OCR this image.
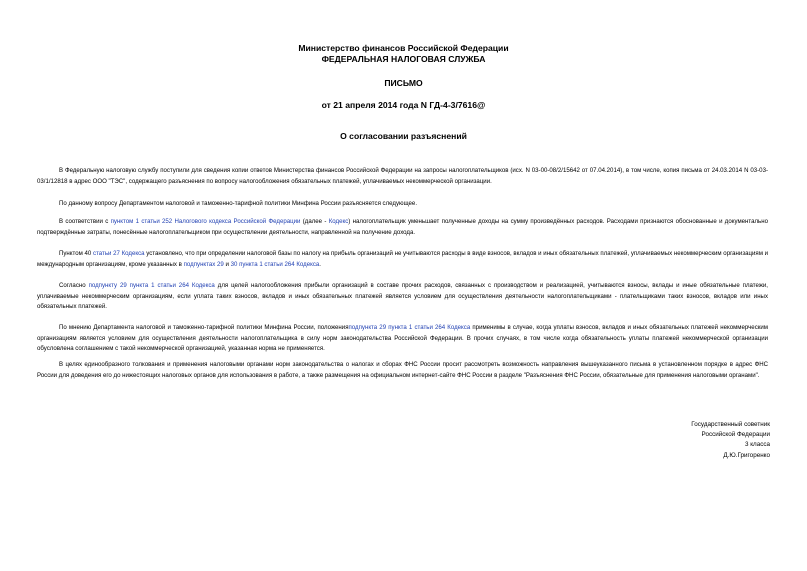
Министерство финансов Российской Федерации
ФЕДЕРАЛЬНАЯ НАЛОГОВАЯ СЛУЖБА
ПИСЬМО
от 21 апреля 2014 года N ГД-4-3/7616@
О согласовании разъяснений

В Федеральную налоговую службу поступили для сведения копии ответов Министерства финансов Российской Федерации на запросы налогоплательщиков (исх. N 03-00-08/2/15642 от 07.04.2014), в том числе, копия письма от 24.03.2014 N 03-03-03/1/12818 в адрес ООО "ТЭС", содержащего разъяснения по вопросу налогообложения обязательных платежей, уплачиваемых некоммерческой организации.

По данному вопросу Департаментом налоговой и таможенно-тарифной политики Минфина России разъясняется следующее.

В соответствии с пунктом 1 статьи 252 Налогового кодекса Российской Федерации (далее - Кодекс) налогоплательщик уменьшает полученные доходы на сумму произведённых расходов. Расходами признаются обоснованные и документально подтверждённые затраты, понесённые налогоплательщиком при осуществлении деятельности, направленной на получение дохода.

Пунктом 40 статьи 27 Кодекса установлено, что при определении налоговой базы по налогу на прибыль организаций не учитываются расходы в виде взносов, вкладов и иных обязательных платежей, уплачиваемых некоммерческим организациям и международным организациям, кроме указанных в подпунктах 29 и 30 пункта 1 статьи 264 Кодекса.

Согласно подпункту 29 пункта 1 статьи 264 Кодекса для целей налогообложения прибыли организаций в составе прочих расходов, связанных с производством и реализацией, учитываются взносы, вклады и иные обязательные платежи, уплачиваемые некоммерческим организациям, если уплата таких взносов, вкладов и иных обязательных платежей является условием для осуществления деятельности налогоплательщиками - плательщиками таких взносов, вкладов или иных обязательных платежей.

По мнению Департамента налоговой и таможенно-тарифной политики Минфина России, положенияподпункта 29 пункта 1 статьи 264 Кодекса применимы в случае, когда уплаты взносов, вкладов и иных обязательных платежей некоммерческим организациям является условием для осуществления деятельности налогоплательщика в силу норм законодательства Российской Федерации. В прочих случаях, в том числе когда обязательность уплаты платежей некоммерческой организации обусловлена соглашением с такой некоммерческой организацией, указанная норма не применяется.

В целях единообразного толкования и применения налоговыми органами норм законодательства о налогах и сборах ФНС России просит рассмотреть возможность направления вышеуказанного письма в установленном порядке в адрес ФНС России для доведения его до нижестоящих налоговых органов для использования в работе, а также размещения на официальном интернет-сайте ФНС России в разделе "Разъяснения ФНС России, обязательные для применения налоговыми органами".

Государственный советник
Российской Федерации
3 класса
Д.Ю.Григоренко
